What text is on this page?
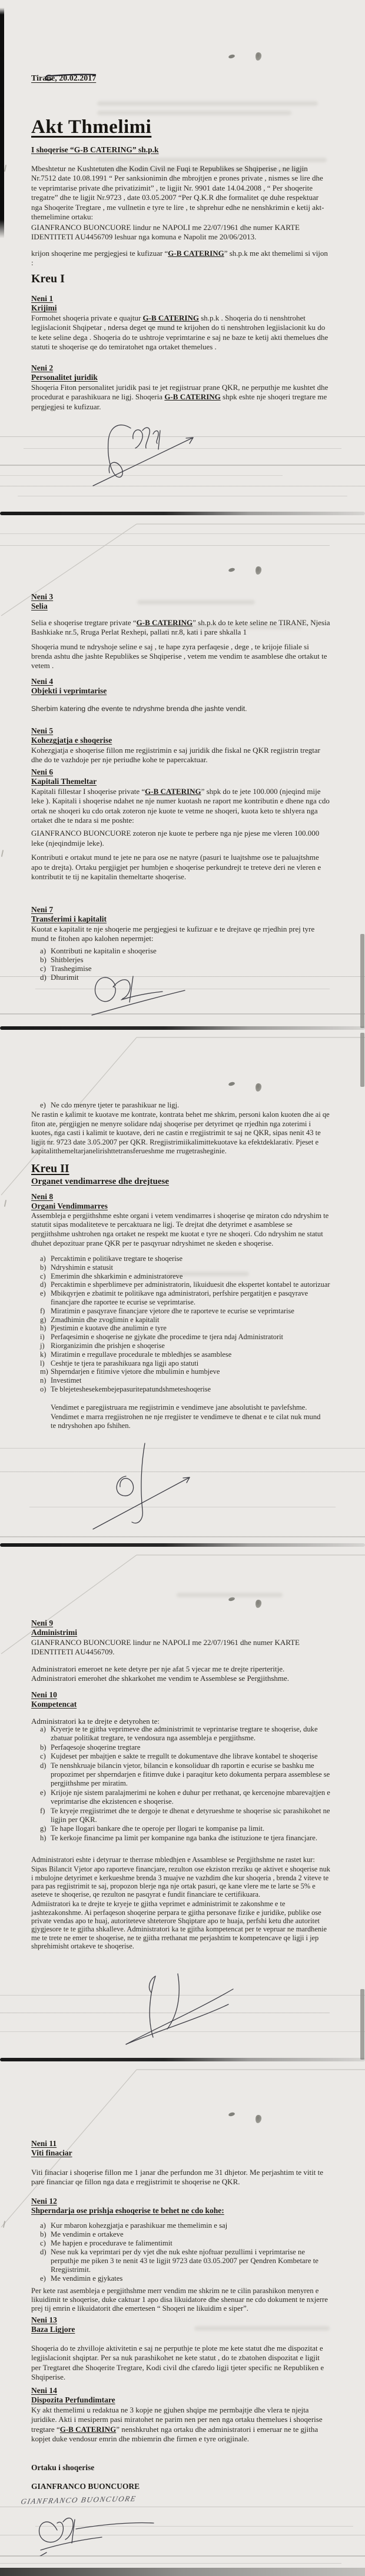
Tirane, 20.02.2017
Akt Thmelimi
I shoqerise “G-B CATERING” sh.p.k
Mbeshtetur ne Kushtetuten dhe Kodin Civil ne Fuqi te Republikes se Shqiperise , ne ligjin Nr.7512 date 10.08.1991 “ Per sanksionimin dhe mbrojtjen e prones private , nismes se lire dhe te veprimtarise private dhe privatizimit” , te ligjit Nr. 9901 date 14.04.2008 , “ Per shoqerite tregatre” dhe te ligjit Nr.9723 , date 03.05.2007 “Per Q.K.R dhe formalitet qe duhe respektuar nga Shoqerite Tregtare , me vullnetin e tyre te lire , te shprehur edhe ne nenshkrimin e ketij akt-themelimine ortaku:
GIANFRANCO BUONCUORE lindur ne NAPOLI me 22/07/1961 dhe numer KARTE IDENTITETI AU4456709 leshuar nga komuna e Napolit me 20/06/2013.
krijon shoqerine me pergjegjesi te kufizuar “G-B CATERING” sh.p.k me akt themelimi si vijon :
Kreu I
Neni 1
Krijimi
Formohet shoqeria private e quajtur G-B CATERING sh.p.k . Shoqeria do ti nenshtrohet legjislacionit Shqipetar , ndersa deget qe mund te krijohen do ti nenshtrohen legjislacionit ku do te kete seline dega . Shoqeria do te ushtroje veprimtarine e saj ne baze te ketij akti themelues dhe statuti te shoqerise qe do temiratohet nga ortaket themelues .
Neni 2
Personalitet juridik
Shoqeria Fiton personalitet juridik pasi te jet regjistruar prane QKR, ne perputhje me kushtet dhe procedurat e parashikuara ne ligj. Shoqeria G-B CATERING shpk eshte nje shoqeri tregtare me pergjegjesi te kufizuar.
Neni 3
Selia
Selia e shoqerise tregtare private “G-B CATERING” sh.p.k do te kete seline ne TIRANE, Njesia Bashkiake nr.5, Rruga Perlat Rexhepi, pallati nr.8, kati i pare shkalla 1
Shoqeria mund te ndryshoje seline e saj , te hape zyra perfaqesie , dege , te krijoje filiale si brenda ashtu dhe jashte Republikes se Shqiperise , vetem me vendim te asamblese dhe ortakut te vetem .
Neni 4
Objekti i veprimtarise
Sherbim katering dhe evente te ndryshme brenda dhe jashte vendit.
Neni 5
Kohezgjatja e shoqerise
Kohezgjatja e shoqerise fillon me regjistrimin e saj juridik dhe fiskal ne QKR regjistrin tregtar dhe do te vazhdoje per nje periudhe kohe te papercaktuar.
Neni 6
Kapitali Themeltar
Kapitali fillestar I shoqerise private “G-B CATERING” shpk do te jete 100.000 (njeqind mije leke ). Kapitali i shoqerise ndahet ne nje numer kuotash ne raport me kontributin e dhene nga cdo ortak ne shoqeri ku cdo ortak zoteron nje kuote te vetme ne shoqeri, kuota keto te shlyera nga ortaket dhe te ndara si me poshte:
GIANFRANCO BUONCUORE zoteron nje kuote te perbere nga nje pjese me vleren 100.000 leke (njeqindmije leke).
Kontributi e ortakut mund te jete ne para ose ne natyre (pasuri te luajtshme ose te paluajtshme apo te drejta). Ortaku pergjigjet per humbjen e shoqerise perkundrejt te treteve deri ne vleren e kontributit te tij ne kapitalin themeltarte shoqerise.
Neni 7
Transferimi i kapitalit
Kuotat e kapitalit te nje shoqerie me pergjegjesi te kufizuar e te drejtave qe rrjedhin prej tyre mund te fitohen apo kalohen nepermjet:
a) Kontributi ne kapitalin e shoqerise
b) Shitblerjes
c) Trashegimise
d) Dhurimit
e) Ne cdo menyre tjeter te parashikuar ne ligj.
Ne rastin e kalimit te kuotave me kontrate, kontrata behet me shkrim, personi kalon kuoten dhe ai qe fiton ate, pergjigjen ne menyre solidare ndaj shoqerise per detyrimet qe rrjedhin nga zoterimi i kuotes, nga casti i kalimit te kuotave, deri ne castin e rregjistrimit te saj ne QKR, sipas nenit 43 te ligjit nr. 9723 date 3.05.2007 per QKR. Rregjistrimiikalimittekuotave ka efektdeklarativ. Pjeset e kapitalitthemeltarjanelirishttetransferueshme me rrugetrasheginie.
Kreu II
Organet vendimarrese dhe drejtuese
Neni 8
Organi Vendimmarres
Assembleja e pergjithshme eshte organi i vetem vendimarres i shoqerise qe miraton cdo ndryshim te statutit sipas modaliteteve te percaktuara ne ligj. Te drejtat dhe detyrimet e asamblese se pergjithshme ushtrohen nga ortaket ne respekt me kuotat e tyre ne shoqeri. Cdo ndryshim ne statut dhuhet depozituar prane QKR per te pasqyruar ndryshimet ne skeden e shoqerise.
a) Percaktimin e politikave tregtare te shoqerise
b) Ndryshimin e statusit
c) Emerimin dhe shkarkimin e administratoreve
d) Percaktimin e shperblimeve per administratorin, likuiduesit dhe ekspertet kontabel te autorizuar
e) Mbikqyrjen e zbatimit te politikave nga administratori, perfshire pergatitjen e pasqyrave financjare dhe raportee te ecurise se veprimtarise.
f) Miratimin e pasqyrave financjare vjetore dhe te raporteve te ecurise se veprimtarise
g) Zmadhimin dhe zvoglimin e kapitalit
h) Pjestimin e kuotave dhe anulimin e tyre
i) Perfaqesimin e shoqerise ne gjykate dhe procedime te tjera ndaj Administratorit
j) Riorganizimin dhe prishjen e shoqerise
k) Miratimin e rregullave procedurale te mbledhjes se asamblese
l) Ceshtje te tjera te parashikuara nga ligji apo statuti
m) Shperndarjen e fitimive vjetore dhe mbulimin e humbjeve
n) Investimet
o) Te blejeteshesekembejepasuritepatundshmeteshoqerise
Vendimet e paregjistruara me regjistrimin e vendimeve jane absolutisht te pavlefshme. Vendimet e marra rregjistrohen ne nje rregjister te vendimeve te dhenat e te cilat nuk mund te ndryshohen apo fshihen.
Neni 9
Administrimi
GIANFRANCO BUONCUORE lindur ne NAPOLI me 22/07/1961 dhe numer KARTE IDENTITETI AU4456709.
Administratori emeroet ne kete detyre per nje afat 5 vjecar me te drejte riperteritje. Administratori emerohet dhe shkarkohet me vendim te Assemblese se Pergjithshme.
Neni 10
Kompetencat
Administratori ka te drejte e detyrohen te:
a) Kryerje te te gjitha veprimeve dhe administrimit te veprintarise tregtare te shoqerise, duke zbatuar politikat tregtare, te vendosura nga assembleja e pergjithsme.
b) Perfaqesoje shoqerine tregtare
c) Kujdeset per mbajtjen e sakte te rregullt te dokumentave dhe librave kontabel te shoqerise
d) Te nenshkruaje bilancin vjetor, bilancin e konsoliduar dh raportin e ecurise se bashku me propozimet per shperndarjen e fitimve duke i paraqitur keto dokumenta perpara assemblese se pergjithshme per miratim.
e) Krijoje nje sistem paralajmerimi ne kohen e duhur per rrethanat, qe kercenojne mbarevajtjen e veprimtarise dhe ekzistencen e shoqerise.
f) Te kryeje rregjistrimet dhe te dergoje te dhenat e detyrueshme te shoqerise sic parashikohet ne ligjin per QKR.
g) Te hape llogari bankare dhe te operoje per llogari te kompanise pa limit.
h) Te kerkoje financime pa limit per kompanine nga banka dhe istituzione te tjera financjare.
Administratori eshte i detyruar te therrase mbledhjen e Assamblese se Pergjithshme ne rastet kur:
Sipas Bilancit Vjetor apo raporteve financjare, rezulton ose ekziston rreziku qe aktivet e shoqerise nuk i mbulojne detyrimet e kerkueshme brenda 3 muajve ne vazhdim dhe kur shoqeria , brenda 2 viteve te para pas regjistrimit te saj, propozon blerje nga nje ortak pasuri, qe kane vlere me te larte se 5% e aseteve te shoqerise, qe rezulton ne pasqyrat e fundit financiare te certifikuara.
Admiistratori ka te drejte te kryeje te gjitha veprimet e administrimit te zakonshme e te jashtezakonshme. Ai perfaqeson shoqerine perpara te gjitha personave fizike e juridike, publike ose private vendas apo te huaj, autoriteteve shteterore Shqiptare apo te huaja, perfshi ketu dhe autoritet gjygjesore te te gjitha shkalleve. Administratori ka te gjitha kompetencat per te vepruar ne mardhenie me te trete ne emer te shoqerise, ne te gjitha rrethanat me perjashtim te kompetencave qe ligji i jep shprehimisht ortakeve te shoqerise.
Neni 11
Viti finaciar
Viti finaciar i shoqerise fillon me 1 janar dhe perfundon me 31 dhjetor. Me perjashtim te vitit te pare financiar qe fillon nga data e rregjistrimit te shoqerise ne QKR.
Neni 12
Shperndarja ose prishja eshoqerise te behet ne cdo kohe:
a) Kur mbaron kohezgjatja e parashikuar me themelimin e saj
b) Me vendimin e ortakeve
c) Me hapjen e procedurave te falimentimit
d) Nese nuk ka veprimtari per dy vjet dhe nuk eshte njoftuar pezullimi i veprimtarise ne perputhje me piken 3 te nenit 43 te ligjit 9723 date 03.05.2007 per Qendren Kombetare te Rregjistrimit.
e) Me vendimin e gjykates
Per kete rast asembleja e pergjithshme merr vendim me shkrim ne te cilin parashikon menyren e likuidimit te shoqerise, duke caktuar 1 apo disa likuidatore dhe shenuar ne cdo dokument te nxjerre prej tij emrin e likuidatorit dhe emertesen “ Shoqeri ne likuidim e siper”.
Neni 13
Baza Ligjore
Shoqeria do te zhvilloje aktivitetin e saj ne perputhje te plote me kete statut dhe me dispozitat e legjislacionit shqiptar. Per sa nuk parashikohet ne kete statut , do te zbatohen dispozitat e ligjit per Tregtaret dhe Shoqerite Tregtare, Kodi civil dhe cfaredo ligji tjeter specific ne Republiken e Shqiperise.
Neni 14
Dispozita Perfundimtare
Ky akt themelimi u redaktua ne 3 kopje ne gjuhen shqipe me permbajtje dhe vlera te njejta juridike. Akti i mesiperm pasi miratohet ne parim nen per nen nga ortaku themelues i shoqerise tregtare “G-B CATERING” nenshkruhet nga ortaku dhe administratori i emeruar ne te gjitha kopjet duke vendosur emrin dhe mbiemrin dhe firmen e tyre origjinale.
Ortaku i shoqerise
GIANFRANCO BUONCUORE
GIANFRANCO BUONCUORE
